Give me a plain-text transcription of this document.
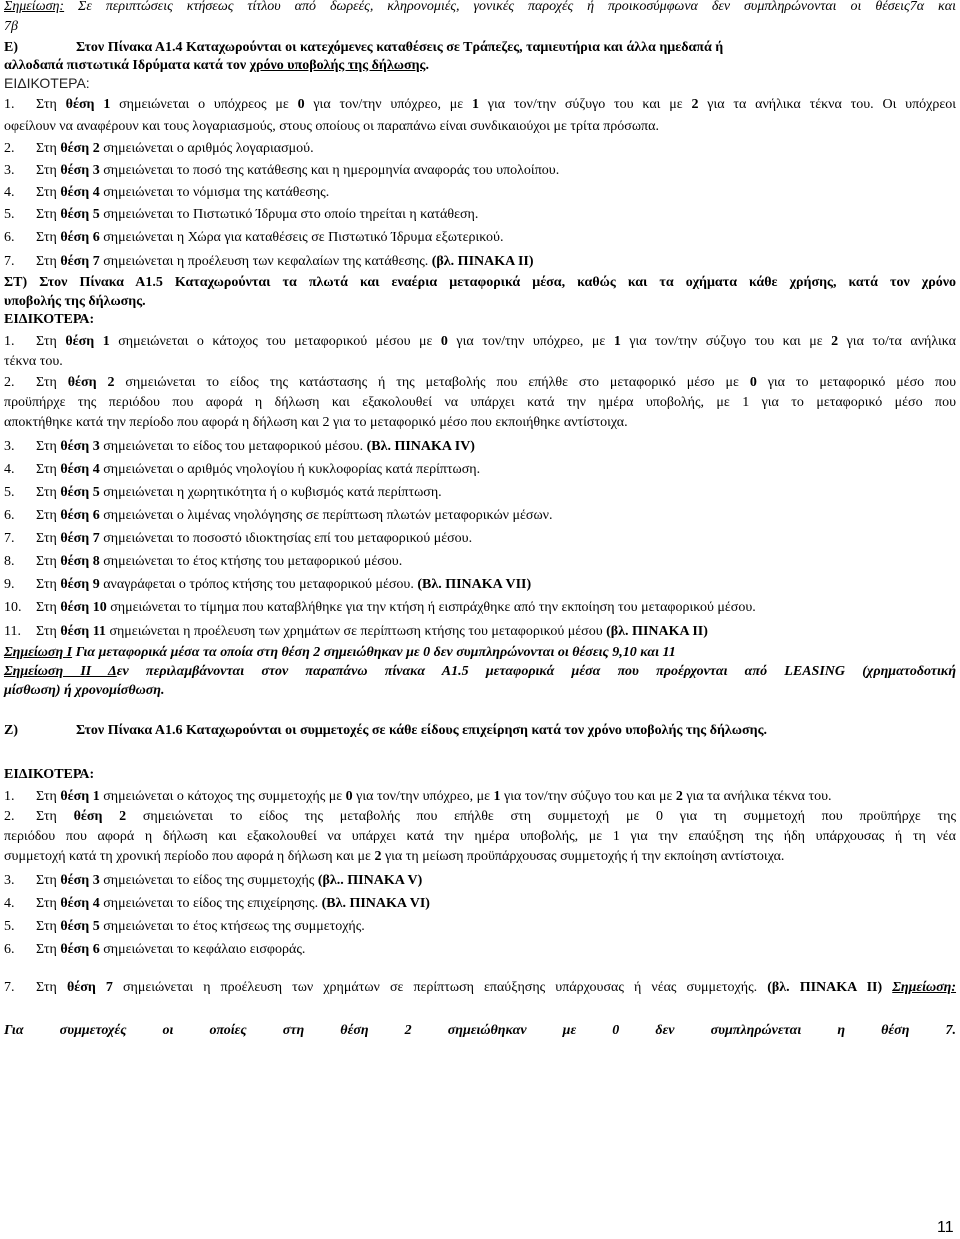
Σημείωση: Σε περιπτώσεις κτήσεως τίτλου από δωρεές, κληρονομιές, γονικές παροχές ή προικοσύμφωνα δεν συμπληρώνονται οι θέσεις7α και
7β
Ε)	Στον Πίνακα Α1.4 Καταχωρούνται οι κατεχόμενες καταθέσεις σε Τράπεζες, ταμιευτήρια και άλλα ημεδαπά ή
αλλοδαπά πιστωτικά Ιδρύματα κατά τον χρόνο υποβολής της δήλωσης.
ΕΙΔΙΚΟΤΕΡΑ:
1. Στη θέση 1 σημειώνεται ο υπόχρεος με 0 για τον/την υπόχρεο, με 1 για τον/την σύζυγο του και με 2 για τα ανήλικα τέκνα του. Οι υπόχρεοι
οφείλουν να αναφέρουν και τους λογαριασμούς, στους οποίους οι παραπάνω είναι συνδικαιούχοι με τρίτα πρόσωπα.
2. Στη θέση 2 σημειώνεται ο αριθμός λογαριασμού.
3. Στη θέση 3 σημειώνεται το ποσό της κατάθεσης και η ημερομηνία αναφοράς του υπολοίπου.
4. Στη θέση 4 σημειώνεται το νόμισμα της κατάθεσης.
5. Στη θέση 5 σημειώνεται το Πιστωτικό Ίδρυμα στο οποίο τηρείται η κατάθεση.
6. Στη θέση 6 σημειώνεται η Χώρα για καταθέσεις σε Πιστωτικό Ίδρυμα εξωτερικού.
7. Στη θέση 7 σημειώνεται η προέλευση των κεφαλαίων της κατάθεσης. (βλ. ΠΙΝΑΚΑ ΙΙ)
ΣΤ) Στον Πίνακα Α1.5 Καταχωρούνται τα πλωτά και εναέρια μεταφορικά μέσα, καθώς και τα οχήματα κάθε χρήσης, κατά τον χρόνο
υποβολής της δήλωσης.
ΕΙΔΙΚΟΤΕΡΑ:
1. Στη θέση 1 σημειώνεται ο κάτοχος του μεταφορικού μέσου με 0 για τον/την υπόχρεο, με 1 για τον/την σύζυγο του και με 2 για το/τα ανήλικα
τέκνα του.
2. Στη θέση 2 σημειώνεται το είδος της κατάστασης ή της μεταβολής που επήλθε στο μεταφορικό μέσο με 0 για το μεταφορικό μέσο που
προϋπήρχε της περιόδου που αφορά η δήλωση και εξακολουθεί να υπάρχει κατά την ημέρα υποβολής, με 1 για το μεταφορικό μέσο που
αποκτήθηκε κατά την περίοδο που αφορά η δήλωση και 2 για το μεταφορικό μέσο που εκποιήθηκε αντίστοιχα.
3. Στη θέση 3 σημειώνεται το είδος του μεταφορικού μέσου. (Βλ. ΠΙΝΑΚΑ IV)
4. Στη θέση 4 σημειώνεται ο αριθμός νηολογίου ή κυκλοφορίας κατά περίπτωση.
5. Στη θέση 5 σημειώνεται η χωρητικότητα ή ο κυβισμός κατά περίπτωση.
6. Στη θέση 6 σημειώνεται ο λιμένας νηολόγησης σε περίπτωση πλωτών μεταφορικών μέσων.
7. Στη θέση 7 σημειώνεται το ποσοστό ιδιοκτησίας επί του μεταφορικού μέσου.
8. Στη θέση 8 σημειώνεται το έτος κτήσης του μεταφορικού μέσου.
9. Στη θέση 9 αναγράφεται ο τρόπος κτήσης του μεταφορικού μέσου. (Βλ. ΠΙΝΑΚΑ VII)
10. Στη θέση 10 σημειώνεται το τίμημα που καταβλήθηκε για την κτήση ή εισπράχθηκε από την εκποίηση του μεταφορικού μέσου.
11. Στη θέση 11 σημειώνεται η προέλευση των χρημάτων σε περίπτωση κτήσης του μεταφορικού μέσου (βλ. ΠΙΝΑΚΑ ΙΙ)
Σημείωση Ι Για μεταφορικά μέσα τα οποία στη θέση 2 σημειώθηκαν με 0 δεν συμπληρώνονται οι θέσεις 9,10 και 11
Σημείωση ΙΙ Δεν περιλαμβάνονται στον παραπάνω πίνακα Α1.5 μεταφορικά μέσα που προέρχονται από LEASING (χρηματοδοτική
μίσθωση) ή χρονομίσθωση.
Ζ)	Στον Πίνακα Α1.6 Καταχωρούνται οι συμμετοχές σε κάθε είδους επιχείρηση κατά τον χρόνο υποβολής της δήλωσης.
ΕΙΔΙΚΟΤΕΡΑ:
1. Στη θέση 1 σημειώνεται ο κάτοχος της συμμετοχής με 0 για τον/την υπόχρεο, με 1 για τον/την σύζυγο του και με 2 για τα ανήλικα τέκνα του.
2. Στη θέση 2 σημειώνεται το είδος της μεταβολής που επήλθε στη συμμετοχή με 0 για τη συμμετοχή που προϋπήρχε της
περιόδου που αφορά η δήλωση και εξακολουθεί να υπάρχει κατά την ημέρα υποβολής, με 1 για την επαύξηση της ήδη υπάρχουσας ή τη νέα
συμμετοχή κατά τη χρονική περίοδο που αφορά η δήλωση και με 2 για τη μείωση προϋπάρχουσας συμμετοχής ή την εκποίηση αντίστοιχα.
3. Στη θέση 3 σημειώνεται το είδος της συμμετοχής (βλ.. ΠΙΝΑΚΑ V)
4. Στη θέση 4 σημειώνεται το είδος της επιχείρησης. (Βλ. ΠΙΝΑΚΑ VI)
5. Στη θέση 5 σημειώνεται το έτος κτήσεως της συμμετοχής.
6. Στη θέση 6 σημειώνεται το κεφάλαιο εισφοράς.
7. Στη θέση 7 σημειώνεται η προέλευση των χρημάτων σε περίπτωση επαύξησης υπάρχουσας ή νέας συμμετοχής. (βλ. ΠΙΝΑΚΑ ΙΙ) Σημείωση:
Για συμμετοχές οι οποίες στη θέση 2 σημειώθηκαν με 0 δεν συμπληρώνεται η θέση 7.
11
